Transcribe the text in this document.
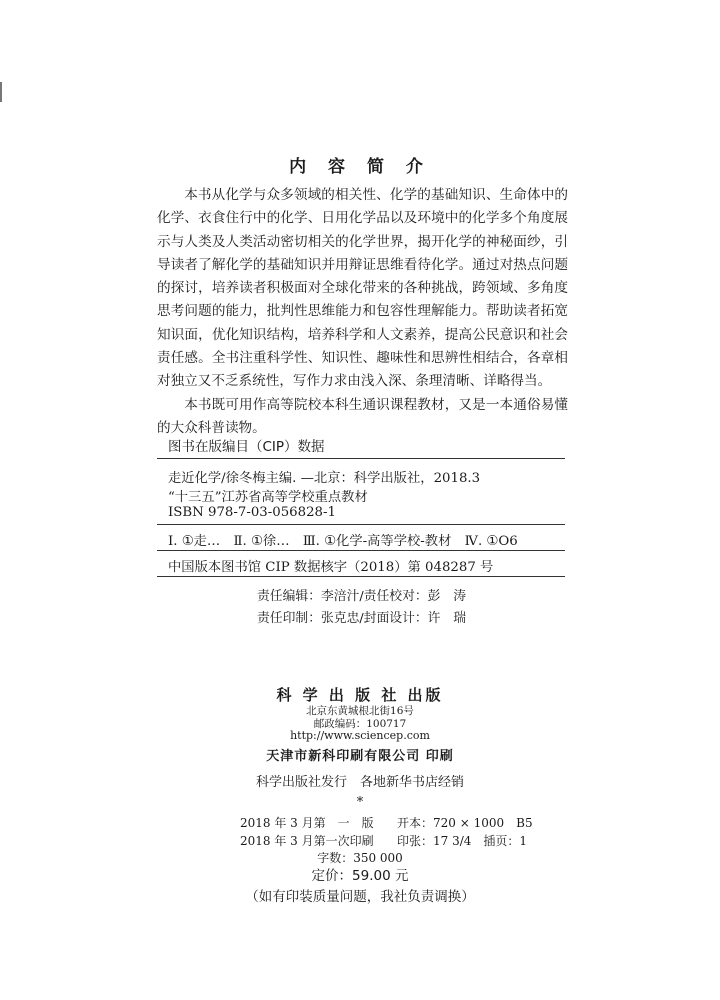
内 容 简 介

本书从化学与众多领域的相关性、化学的基础知识、生命体中的化学、衣食住行中的化学、日用化学品以及环境中的化学多个角度展示与人类及人类活动密切相关的化学世界，揭开化学的神秘面纱，引导读者了解化学的基础知识并用辩证思维看待化学。通过对热点问题的探讨，培养读者积极面对全球化带来的各种挑战，跨领域、多角度思考问题的能力，批判性思维能力和包容性理解能力。帮助读者拓宽知识面，优化知识结构，培养科学和人文素养，提高公民意识和社会责任感。全书注重科学性、知识性、趣味性和思辨性相结合，各章相对独立又不乏系统性，写作力求由浅入深、条理清晰、详略得当。

本书既可用作高等院校本科生通识课程教材，又是一本通俗易懂的大众科普读物。

图书在版编目（CIP）数据
走近化学/徐冬梅主编. —北京：科学出版社，2018.3
“十三五”江苏省高等学校重点教材
ISBN 978-7-03-056828-1
Ⅰ. ①走…　Ⅱ. ①徐…　Ⅲ. ①化学-高等学校-教材　Ⅳ. ①O6
中国版本图书馆 CIP 数据核字（2018）第 048287 号
责任编辑：李涪汁/责任校对：彭　涛
责任印制：张克忠/封面设计：许　瑞
科 学 出 版 社 出版
北京东黄城根北街16号
邮政编码：100717
http://www.sciencep.com
天津市新科印刷有限公司 印刷
科学出版社发行　各地新华书店经销
*
2018 年 3 月第　一　版 开本：720 × 1000　B5
2018 年 3 月第一次印刷 印张：17 3/4　插页：1
字数：350 000
定价：59.00 元
（如有印装质量问题，我社负责调换）
